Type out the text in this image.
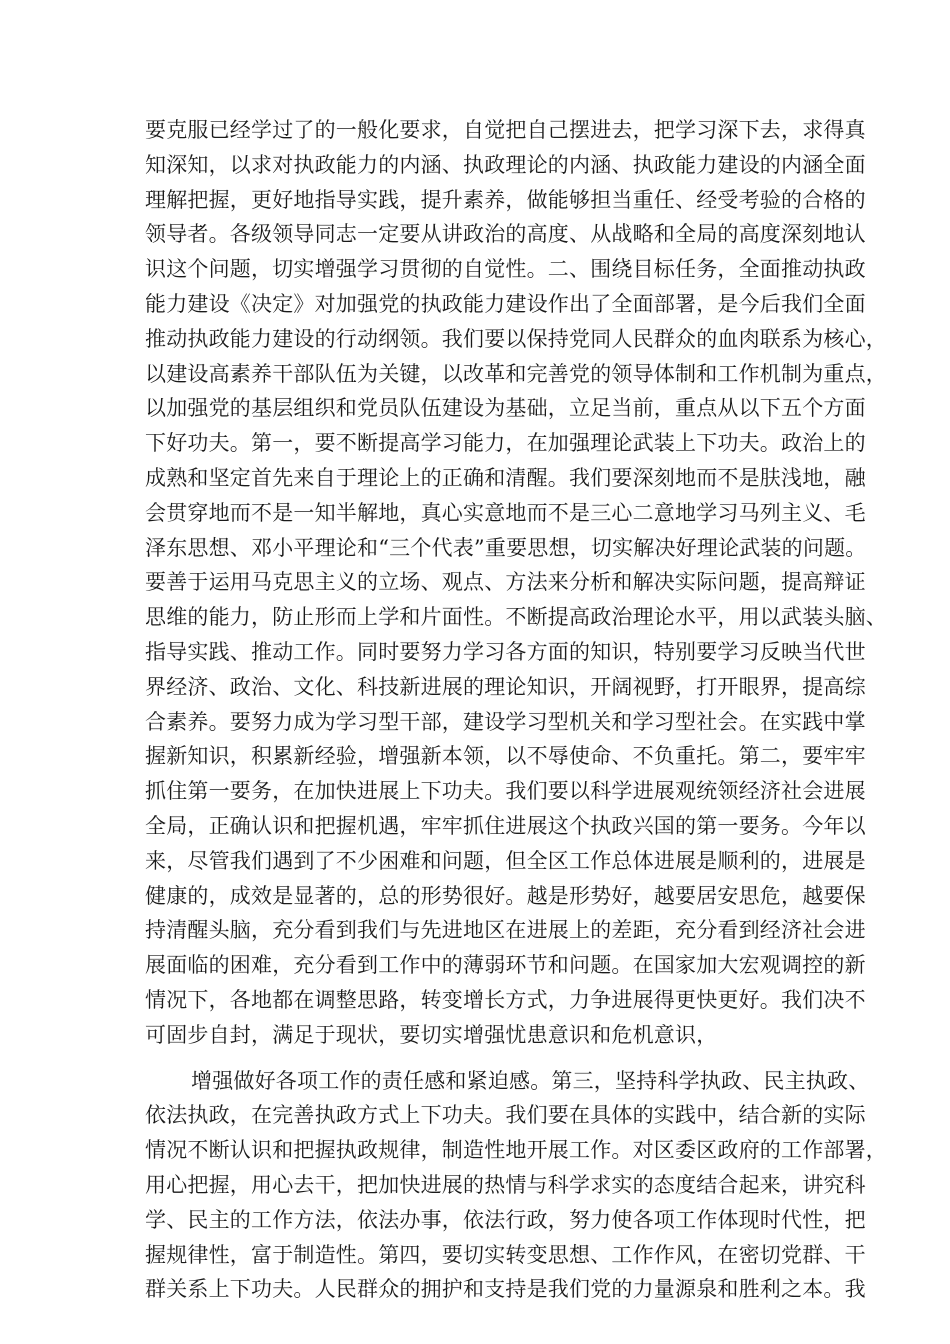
要克服已经学过了的一般化要求，自觉把自己摆进去，把学习深下去，求得真
知深知，以求对执政能力的内涵、执政理论的内涵、执政能力建设的内涵全面
理解把握，更好地指导实践，提升素养，做能够担当重任、经受考验的合格的
领导者。各级领导同志一定要从讲政治的高度、从战略和全局的高度深刻地认
识这个问题，切实增强学习贯彻的自觉性。二、围绕目标任务，全面推动执政
能力建设《决定》对加强党的执政能力建设作出了全面部署，是今后我们全面
推动执政能力建设的行动纲领。我们要以保持党同人民群众的血肉联系为核心，
以建设高素养干部队伍为关键，以改革和完善党的领导体制和工作机制为重点，
以加强党的基层组织和党员队伍建设为基础，立足当前，重点从以下五个方面
下好功夫。第一，要不断提高学习能力，在加强理论武装上下功夫。政治上的
成熟和坚定首先来自于理论上的正确和清醒。我们要深刻地而不是肤浅地，融
会贯穿地而不是一知半解地，真心实意地而不是三心二意地学习马列主义、毛
泽东思想、邓小平理论和“三个代表”重要思想，切实解决好理论武装的问题。
要善于运用马克思主义的立场、观点、方法来分析和解决实际问题，提高辩证
思维的能力，防止形而上学和片面性。不断提高政治理论水平，用以武装头脑、
指导实践、推动工作。同时要努力学习各方面的知识，特别要学习反映当代世
界经济、政治、文化、科技新进展的理论知识，开阔视野，打开眼界，提高综
合素养。要努力成为学习型干部，建设学习型机关和学习型社会。在实践中掌
握新知识，积累新经验，增强新本领，以不辱使命、不负重托。第二，要牢牢
抓住第一要务，在加快进展上下功夫。我们要以科学进展观统领经济社会进展
全局，正确认识和把握机遇，牢牢抓住进展这个执政兴国的第一要务。今年以
来，尽管我们遇到了不少困难和问题，但全区工作总体进展是顺利的，进展是
健康的，成效是显著的，总的形势很好。越是形势好，越要居安思危，越要保
持清醒头脑，充分看到我们与先进地区在进展上的差距，充分看到经济社会进
展面临的困难，充分看到工作中的薄弱环节和问题。在国家加大宏观调控的新
情况下，各地都在调整思路，转变增长方式，力争进展得更快更好。我们决不
可固步自封，满足于现状，要切实增强忧患意识和危机意识，
增强做好各项工作的责任感和紧迫感。第三，坚持科学执政、民主执政、
依法执政，在完善执政方式上下功夫。我们要在具体的实践中，结合新的实际
情况不断认识和把握执政规律，制造性地开展工作。对区委区政府的工作部署，
用心把握，用心去干，把加快进展的热情与科学求实的态度结合起来，讲究科
学、民主的工作方法，依法办事，依法行政，努力使各项工作体现时代性，把
握规律性，富于制造性。第四，要切实转变思想、工作作风，在密切党群、干
群关系上下功夫。人民群众的拥护和支持是我们党的力量源泉和胜利之本。我
